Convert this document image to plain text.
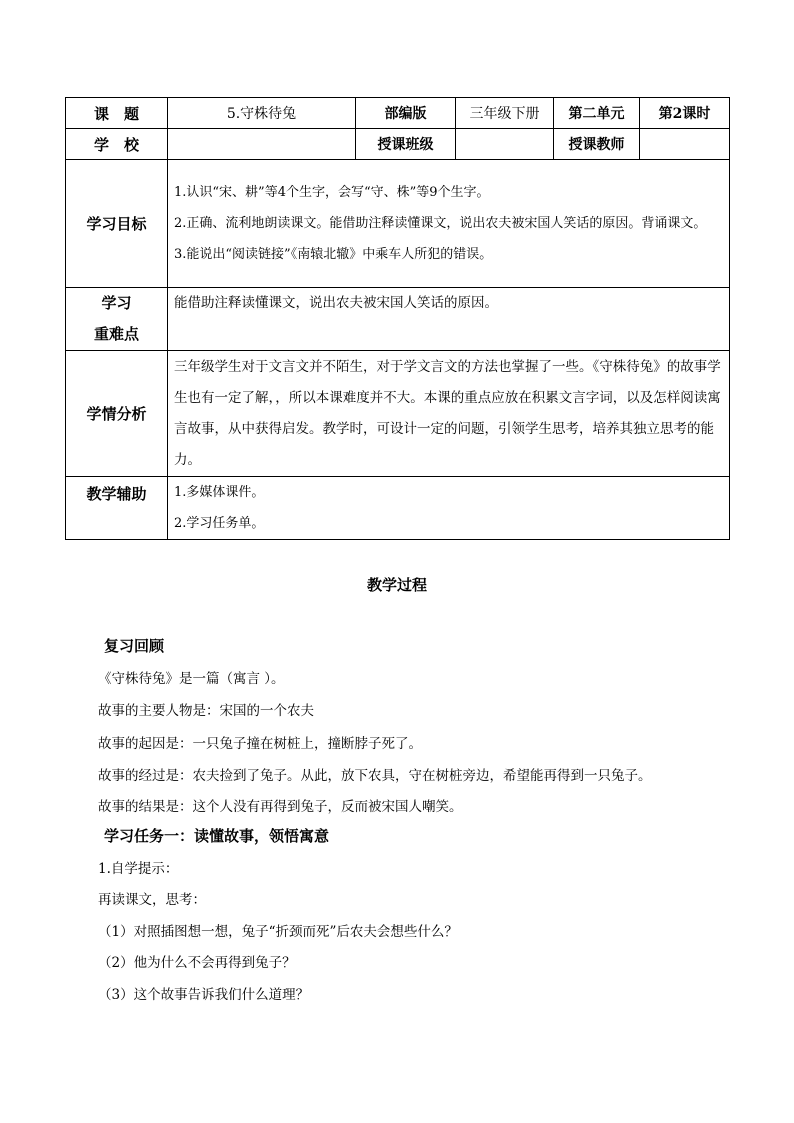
课　题	5.守株待兔	部编版	三年级下册	第二单元	第2课时
学　校		授课班级		授课教师	
学习目标	1.认识“宋、耕”等4个生字，会写“守、株”等9个生字。
2.正确、流利地朗读课文。能借助注释读懂课文，说出农夫被宋国人笑话的原因。背诵课文。
3.能说出“阅读链接”《南辕北辙》中乘车人所犯的错误。				

学习
重难点	能借助注释读懂课文，说出农夫被宋国人笑话的原因。				
学情分析	三年级学生对于文言文并不陌生，对于学文言文的方法也掌握了一些。《守株待兔》的故事学生也有一定了解，，所以本课难度并不大。本课的重点应放在积累文言字词，以及怎样阅读寓言故事，从中获得启发。教学时，可设计一定的问题，引领学生思考，培养其独立思考的能力。				
教学辅助	1.多媒体课件。
2.学习任务单。				
教学过程
复习回顾
《守株待兔》是一篇（寓言 ）。
故事的主要人物是：宋国的一个农夫
故事的起因是：一只兔子撞在树桩上，撞断脖子死了。
故事的经过是：农夫捡到了兔子。从此，放下农具，守在树桩旁边，希望能再得到一只兔子。
故事的结果是：这个人没有再得到兔子，反而被宋国人嘲笑。
学习任务一：读懂故事，领悟寓意
1.自学提示：
再读课文，思考：
（1）对照插图想一想，兔子“折颈而死”后农夫会想些什么？
（2）他为什么不会再得到兔子？
（3）这个故事告诉我们什么道理？
